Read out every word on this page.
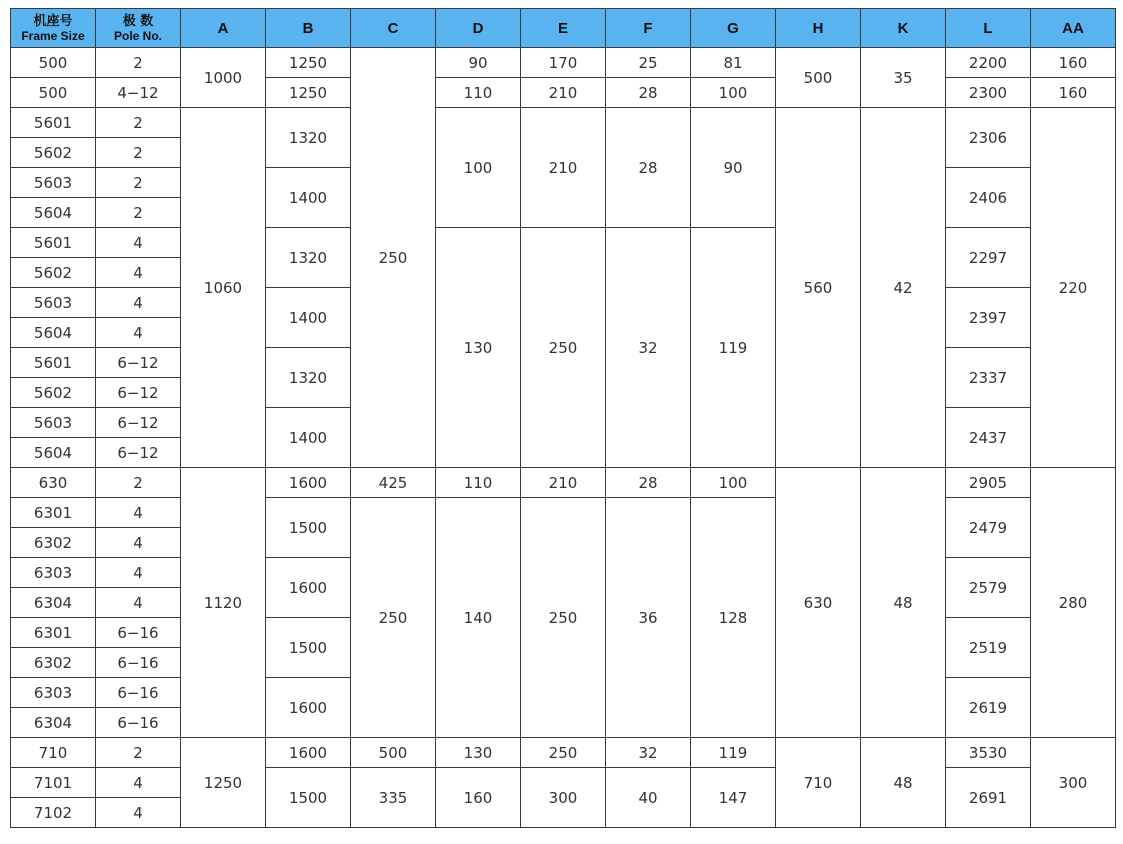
机座号
Frame Size	极 数
Pole No.	A	B	C	D	E	F	G	H	K	L	AA
500	2	1000	1250	250	90	170	25	81	500	35	2200	160
500	4−12		1250		110	210	28	100			2300	160
5601	2	1060	1320		100	210	28	90	560	42	2306	220
5602	2											
5603	2		1400								2406	
5604	2											
5601	4		1320		130	250	32	119			2297	
5602	4											
5603	4		1400								2397	
5604	4											
5601	6−12		1320								2337	
5602	6−12											
5603	6−12		1400								2437	
5604	6−12											
630	2	1120	1600	425	110	210	28	100	630	48	2905	280
6301	4		1500	250	140	250	36	128			2479	
6302	4											
6303	4		1600								2579	
6304	4											
6301	6−16		1500								2519	
6302	6−16											
6303	6−16		1600								2619	
6304	6−16											
710	2	1250	1600	500	130	250	32	119	710	48	3530	300
7101	4		1500	335	160	300	40	147			2691	
7102	4											
